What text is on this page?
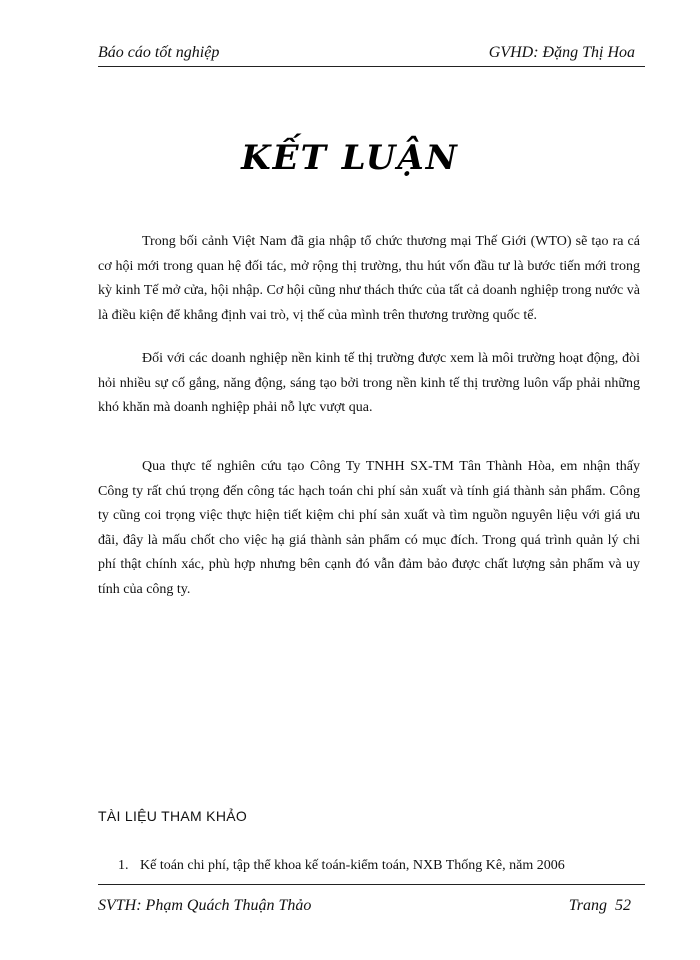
Báo cáo tốt nghiệp	GVHD: Đặng Thị Hoa
KẾT LUẬN

Trong bối cảnh Việt Nam đã gia nhập tổ chức thương mại Thế Giới (WTO) sẽ tạo ra cá cơ hội mới trong quan hệ đối tác, mở rộng thị trường, thu hút vốn đầu tư là bước tiến mới trong kỳ kinh Tế mở cửa, hội nhập. Cơ hội cũng như thách thức của tất cả doanh nghiệp trong nước và là điều kiện để khẳng định vai trò, vị thế của mình trên thương trường quốc tế.

Đối với các doanh nghiệp nền kinh tế thị trường được xem là môi trường hoạt động, đòi hỏi nhiều sự cố gắng, năng động, sáng tạo bởi trong nền kinh tế thị trường luôn vấp phải những khó khăn mà doanh nghiệp phải nỗ lực vượt qua.

Qua thực tế nghiên cứu tạo Công Ty TNHH SX-TM Tân Thành Hòa, em nhận thấy Công ty rất chú trọng đến công tác hạch toán chi phí sản xuất và tính giá thành sản phẩm. Công ty cũng coi trọng việc thực hiện tiết kiệm chi phí sản xuất và tìm nguồn nguyên liệu với giá ưu đãi, đây là mấu chốt cho việc hạ giá thành sản phẩm có mục đích. Trong quá trình quản lý chi phí thật chính xác, phù hợp nhưng bên cạnh đó vẫn đảm bảo được chất lượng sản phẩm và uy tính của công ty.

TÀI LIỆU THAM KHẢO
1. Kế toán chi phí, tập thể khoa kế toán-kiểm toán, NXB Thống Kê, năm 2006
SVTH: Phạm Quách Thuận Thảo	Trang  52
